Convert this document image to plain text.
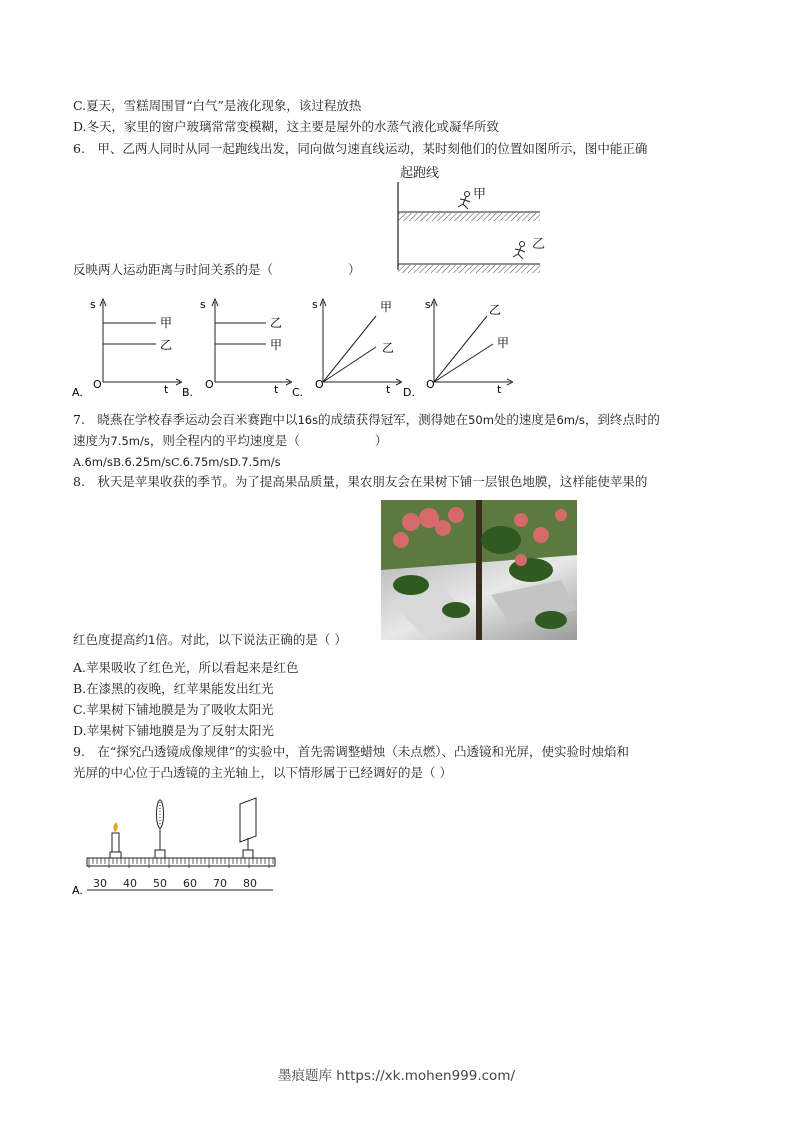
C.夏天，雪糕周围冒“白气”是液化现象，该过程放热
D.冬天，家里的窗户玻璃常常变模糊，这主要是屋外的水蒸气液化或凝华所致
6.　甲、乙两人同时从同一起跑线出发，同向做匀速直线运动，某时刻他们的位置如图所示，图中能正确
起跑线
甲
乙
反映两人运动距离与时间关系的是（　　　　　　）
s
甲
乙
O	t
A.
s
乙
甲
O	t
B.
s	甲
乙
O	t
C.
s	乙
甲
O	t
D.
7.　晓燕在学校春季运动会百米赛跑中以16s的成绩获得冠军，测得她在50m处的速度是6m/s，到终点时的
速度为7.5m/s，则全程内的平均速度是（　　　　　　）
A.6m/sB.6.25m/sC.6.75m/sD.7.5m/s
8.　秋天是苹果收获的季节。为了提高果品质量，果农朋友会在果树下铺一层银色地膜，这样能使苹果的
红色度提高约1倍。对此，以下说法正确的是（ ）
A.苹果吸收了红色光，所以看起来是红色
B.在漆黑的夜晚，红苹果能发出红光
C.苹果树下铺地膜是为了吸收太阳光
D.苹果树下铺地膜是为了反射太阳光
9.　在“探究凸透镜成像规律”的实验中，首先需调整蜡烛（未点燃）、凸透镜和光屏，使实验时烛焰和
光屏的中心位于凸透镜的主光轴上，以下情形属于已经调好的是（ ）
30 40 50 60 70 80
A.
墨痕题库 https://xk.mohen999.com/
